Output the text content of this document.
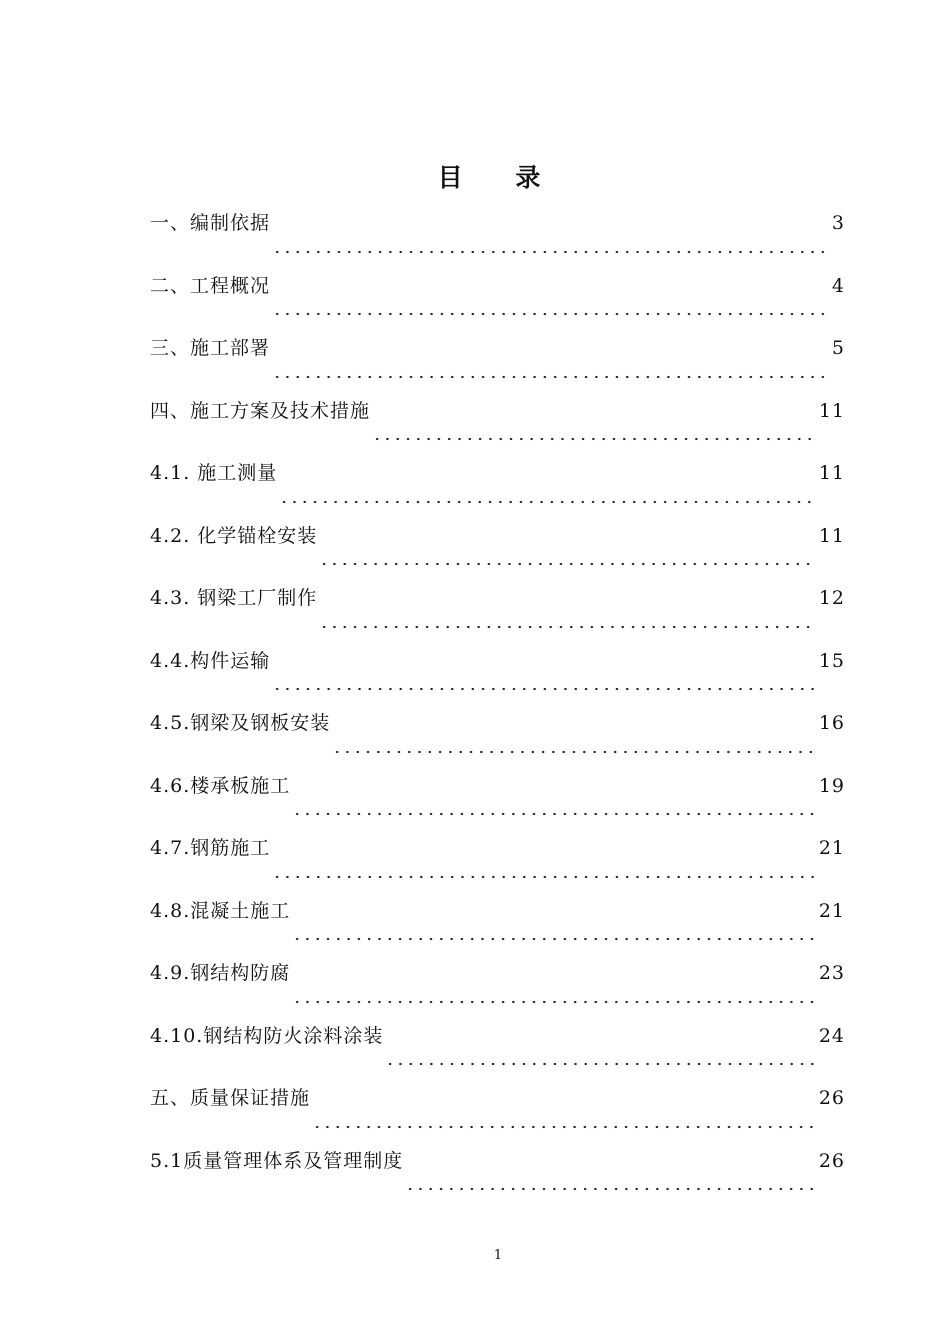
目 录
一、编制依据	3
二、工程概况	4
三、施工部署	5
四、施工方案及技术措施	11
4.1. 施工测量	11
4.2. 化学锚栓安装	11
4.3. 钢梁工厂制作	12
4.4.构件运输	15
4.5.钢梁及钢板安装	16
4.6.楼承板施工	19
4.7.钢筋施工	21
4.8.混凝土施工	21
4.9.钢结构防腐	23
4.10.钢结构防火涂料涂装	24
五、质量保证措施	26
5.1质量管理体系及管理制度	26
1
